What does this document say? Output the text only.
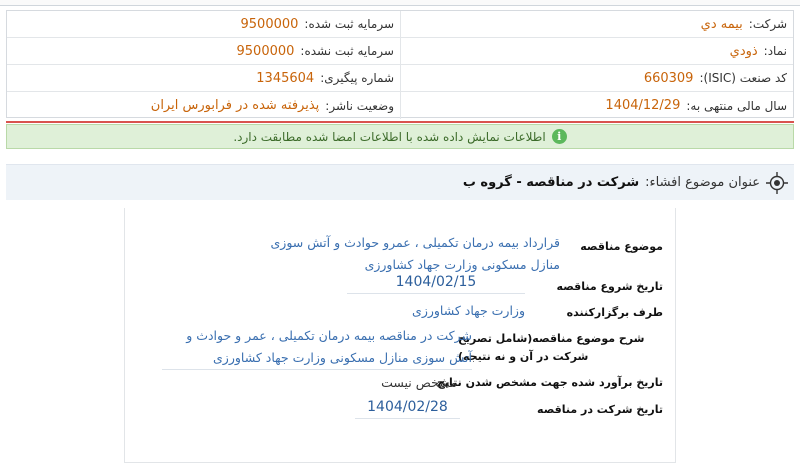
شرکت:
بیمه دي
سرمایه ثبت شده:
9500000
نماد:
ذودي
سرمایه ثبت نشده:
9500000
کد صنعت (ISIC):
660309
شماره پیگیری:
1345604
سال مالی منتهی به:
1404/12/29
وضعیت ناشر:
پذیرفته شده در فرابورس ایران
i
اطلاعات نمایش داده شده با اطلاعات امضا شده مطابقت دارد.
عنوان موضوع افشاء:
شرکت در مناقصه - گروه ب
موضوع مناقصه
قرارداد بیمه درمان تکمیلی ، عمرو حوادث و آتش سوزی منازل مسکونی وزارت جهاد کشاورزی
تاریخ شروع مناقصه
1404/02/15
طرف برگزارکننده
وزارت جهاد کشاورزی
شرح موضوع مناقصه(شامل تصریح شرکت در آن و نه نتیجه)
شرکت در مناقصه بیمه درمان تکمیلی ، عمر و حوادث و آتش سوزی منازل مسکونی وزارت جهاد کشاورزی
تاریخ برآورد شده جهت مشخص شدن نتایج
مشخص نیست
تاریخ شرکت در مناقصه
1404/02/28
